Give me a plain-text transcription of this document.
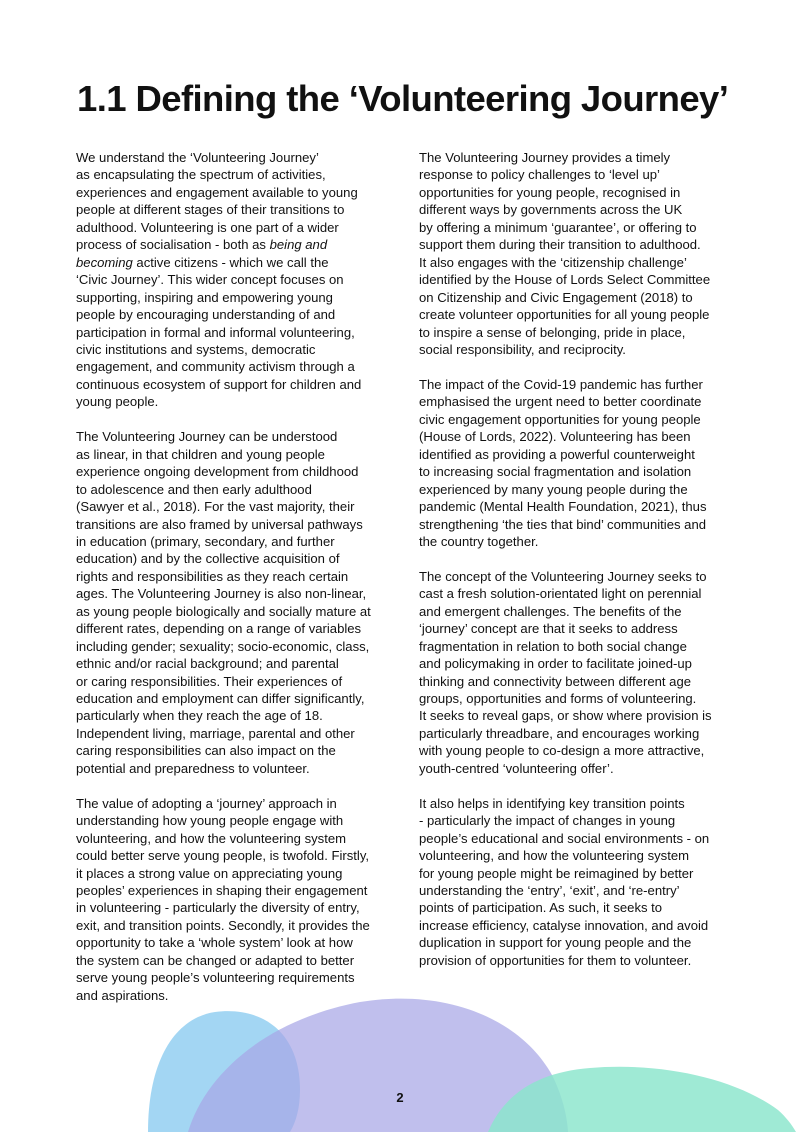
1.1 Defining the ‘Volunteering Journey’

We understand the ‘Volunteering Journey’
as encapsulating the spectrum of activities,
experiences and engagement available to young
people at different stages of their transitions to
adulthood. Volunteering is one part of a wider
process of socialisation - both as being and
becoming active citizens - which we call the
‘Civic Journey’. This wider concept focuses on
supporting, inspiring and empowering young
people by encouraging understanding of and
participation in formal and informal volunteering,
civic institutions and systems, democratic
engagement, and community activism through a
continuous ecosystem of support for children and
young people.

The Volunteering Journey can be understood
as linear, in that children and young people
experience ongoing development from childhood
to adolescence and then early adulthood
(Sawyer et al., 2018). For the vast majority, their
transitions are also framed by universal pathways
in education (primary, secondary, and further
education) and by the collective acquisition of
rights and responsibilities as they reach certain
ages. The Volunteering Journey is also non-linear,
as young people biologically and socially mature at
different rates, depending on a range of variables
including gender; sexuality; socio-economic, class,
ethnic and/or racial background; and parental
or caring responsibilities. Their experiences of
education and employment can differ significantly,
particularly when they reach the age of 18.
Independent living, marriage, parental and other
caring responsibilities can also impact on the
potential and preparedness to volunteer.

The value of adopting a ‘journey’ approach in
understanding how young people engage with
volunteering, and how the volunteering system
could better serve young people, is twofold. Firstly,
it places a strong value on appreciating young
peoples’ experiences in shaping their engagement
in volunteering - particularly the diversity of entry,
exit, and transition points. Secondly, it provides the
opportunity to take a ‘whole system’ look at how
the system can be changed or adapted to better
serve young people’s volunteering requirements
and aspirations.

The Volunteering Journey provides a timely
response to policy challenges to ‘level up’
opportunities for young people, recognised in
different ways by governments across the UK
by offering a minimum ‘guarantee’, or offering to
support them during their transition to adulthood.
It also engages with the ‘citizenship challenge’
identified by the House of Lords Select Committee
on Citizenship and Civic Engagement (2018) to
create volunteer opportunities for all young people
to inspire a sense of belonging, pride in place,
social responsibility, and reciprocity.

The impact of the Covid-19 pandemic has further
emphasised the urgent need to better coordinate
civic engagement opportunities for young people
(House of Lords, 2022). Volunteering has been
identified as providing a powerful counterweight
to increasing social fragmentation and isolation
experienced by many young people during the
pandemic (Mental Health Foundation, 2021), thus
strengthening ‘the ties that bind’ communities and
the country together.

The concept of the Volunteering Journey seeks to
cast a fresh solution-orientated light on perennial
and emergent challenges. The benefits of the
‘journey’ concept are that it seeks to address
fragmentation in relation to both social change
and policymaking in order to facilitate joined-up
thinking and connectivity between different age
groups, opportunities and forms of volunteering.
It seeks to reveal gaps, or show where provision is
particularly threadbare, and encourages working
with young people to co-design a more attractive,
youth-centred ‘volunteering offer’.

It also helps in identifying key transition points
- particularly the impact of changes in young
people’s educational and social environments - on
volunteering, and how the volunteering system
for young people might be reimagined by better
understanding the ‘entry’, ‘exit’, and ‘re-entry’
points of participation. As such, it seeks to
increase efficiency, catalyse innovation, and avoid
duplication in support for young people and the
provision of opportunities for them to volunteer.

2
